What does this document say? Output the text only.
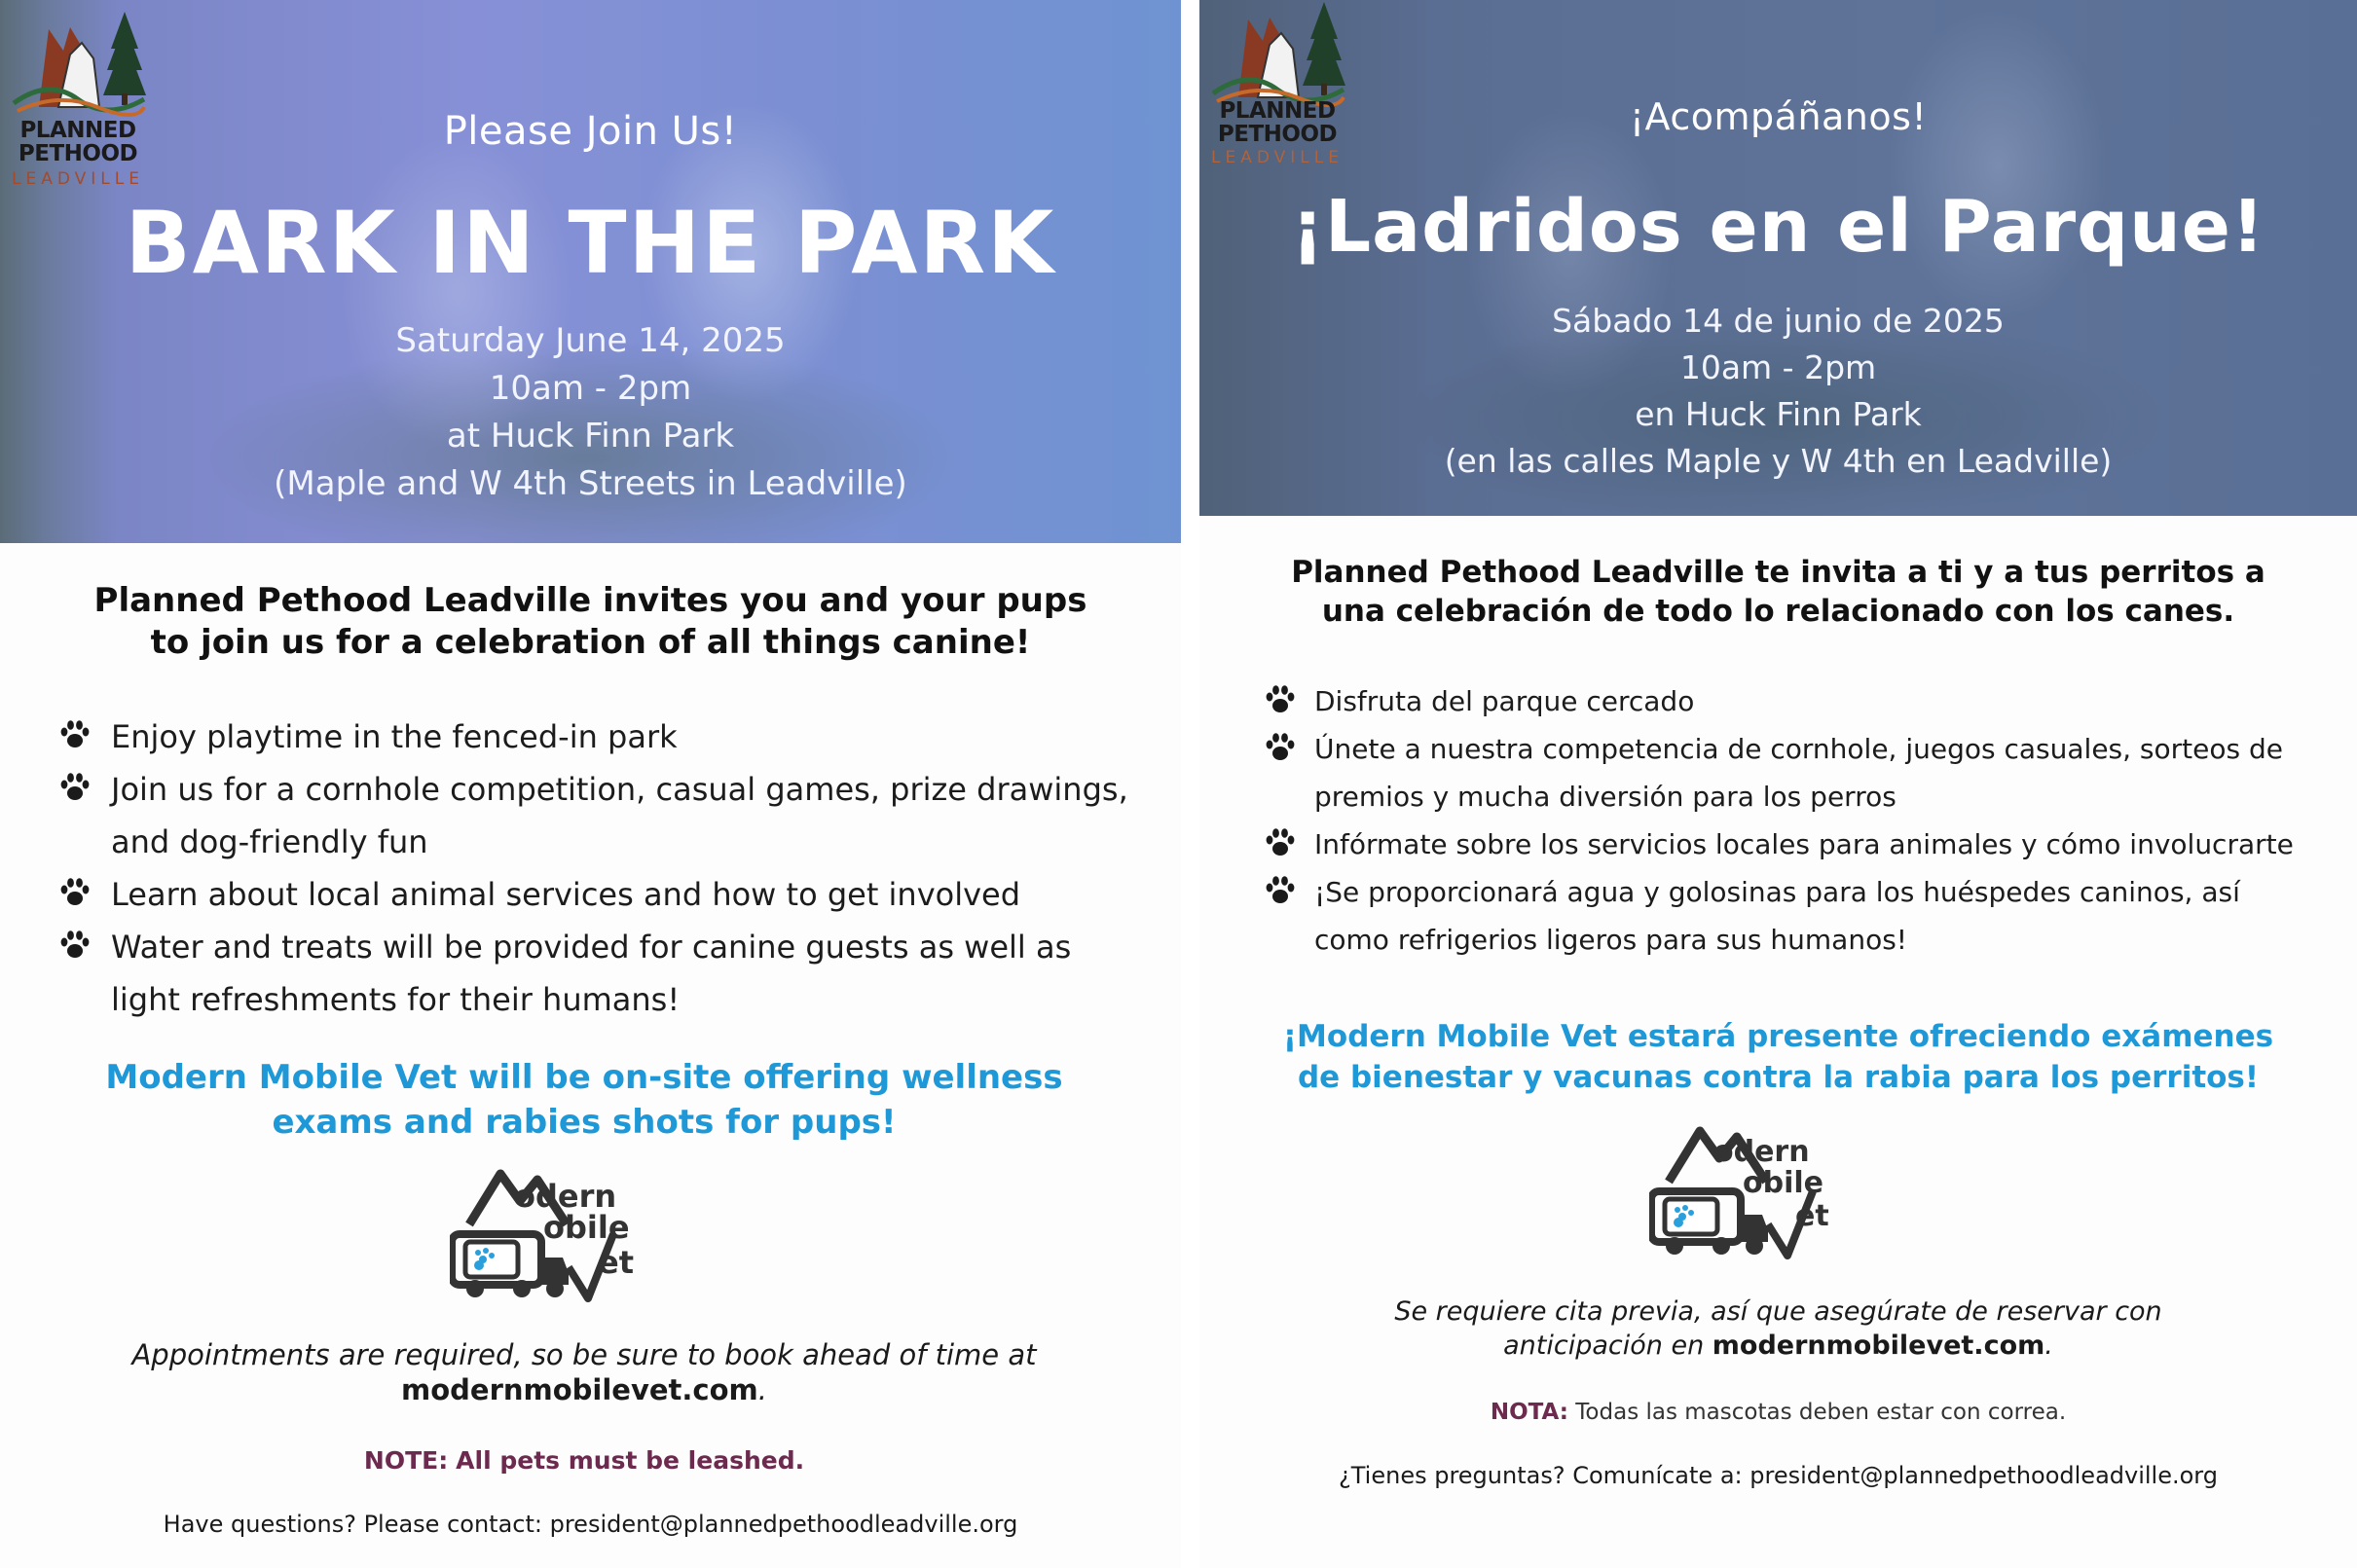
PLANNED
PETHOOD
LEADVILLE
Please Join Us!
BARK IN THE PARK
Saturday June 14, 2025
10am - 2pm
at Huck Finn Park
(Maple and W 4th Streets in Leadville)
Planned Pethood Leadville invites you and your pups
to join us for a celebration of all things canine!
Enjoy playtime in the fenced-in park
Join us for a cornhole competition, casual games, prize drawings,
and dog-friendly fun
Learn about local animal services and how to get involved
Water and treats will be provided for canine guests as well as
light refreshments for their humans!
Modern Mobile Vet will be on-site offering wellness
exams and rabies shots for pups!
odern
obile
et
Appointments are required, so be sure to book ahead of time at
modernmobilevet.com.
NOTE: All pets must be leashed.
Have questions? Please contact: president@plannedpethoodleadville.org
PLANNED
PETHOOD
LEADVILLE
¡Acompáñanos!
¡Ladridos en el Parque!
Sábado 14 de junio de 2025
10am - 2pm
en Huck Finn Park
(en las calles Maple y W 4th en Leadville)
Planned Pethood Leadville te invita a ti y a tus perritos a
una celebración de todo lo relacionado con los canes.
Disfruta del parque cercado
Únete a nuestra competencia de cornhole, juegos casuales, sorteos de
premios y mucha diversión para los perros
Infórmate sobre los servicios locales para animales y cómo involucrarte
¡Se proporcionará agua y golosinas para los huéspedes caninos, así
como refrigerios ligeros para sus humanos!
¡Modern Mobile Vet estará presente ofreciendo exámenes
de bienestar y vacunas contra la rabia para los perritos!
odern
obile
et
Se requiere cita previa, así que asegúrate de reservar con
anticipación en modernmobilevet.com.
NOTA: Todas las mascotas deben estar con correa.
¿Tienes preguntas? Comunícate a: president@plannedpethoodleadville.org
